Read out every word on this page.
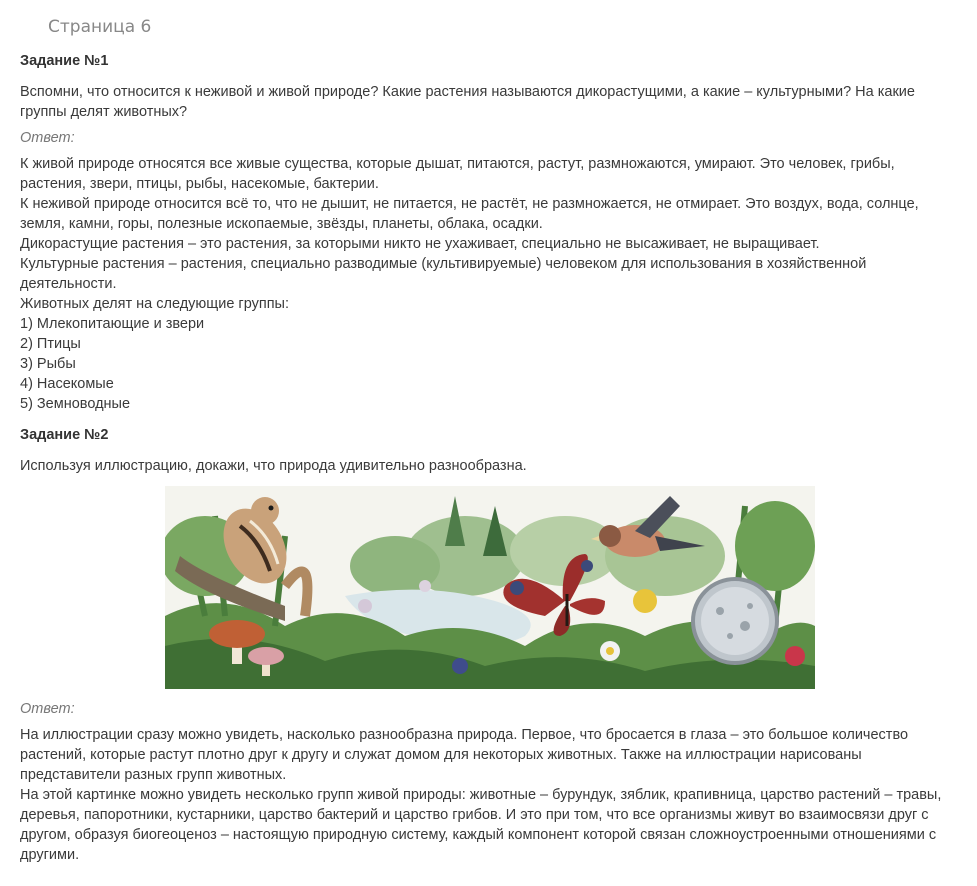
Страница 6
Задание №1

Вспомни, что относится к неживой и живой природе? Какие растения называются дикорастущими, а какие – культурными? На какие группы делят животных?

Ответ:

К живой природе относятся все живые существа, которые дышат, питаются, растут, размножаются, умирают. Это человек, грибы, растения, звери, птицы, рыбы, насекомые, бактерии.

К неживой природе относится всё то, что не дышит, не питается, не растёт, не размножается, не отмирает. Это воздух, вода, солнце, земля, камни, горы, полезные ископаемые, звёзды, планеты, облака, осадки.

Дикорастущие растения – это растения, за которыми никто не ухаживает, специально не высаживает, не выращивает.

Культурные растения – растения, специально разводимые (культивируемые) человеком для использования в хозяйственной деятельности.

Животных делят на следующие группы:

1) Млекопитающие и звери

2) Птицы

3) Рыбы

4) Насекомые

5) Земноводные

Задание №2

Используя иллюстрацию, докажи, что природа удивительно разнообразна.

Ответ:

На иллюстрации сразу можно увидеть, насколько разнообразна природа. Первое, что бросается в глаза – это большое количество растений, которые растут плотно друг к другу и служат домом для некоторых животных. Также на иллюстрации нарисованы представители разных групп животных.

На этой картинке можно увидеть несколько групп живой природы: животные – бурундук, зяблик, крапивница, царство растений – травы, деревья, папоротники, кустарники, царство бактерий и царство грибов. И это при том, что все организмы живут во взаимосвязи друг с другом, образуя биогеоценоз – настоящую природную систему, каждый компонент которой связан сложноустроенными отношениями с другими.
